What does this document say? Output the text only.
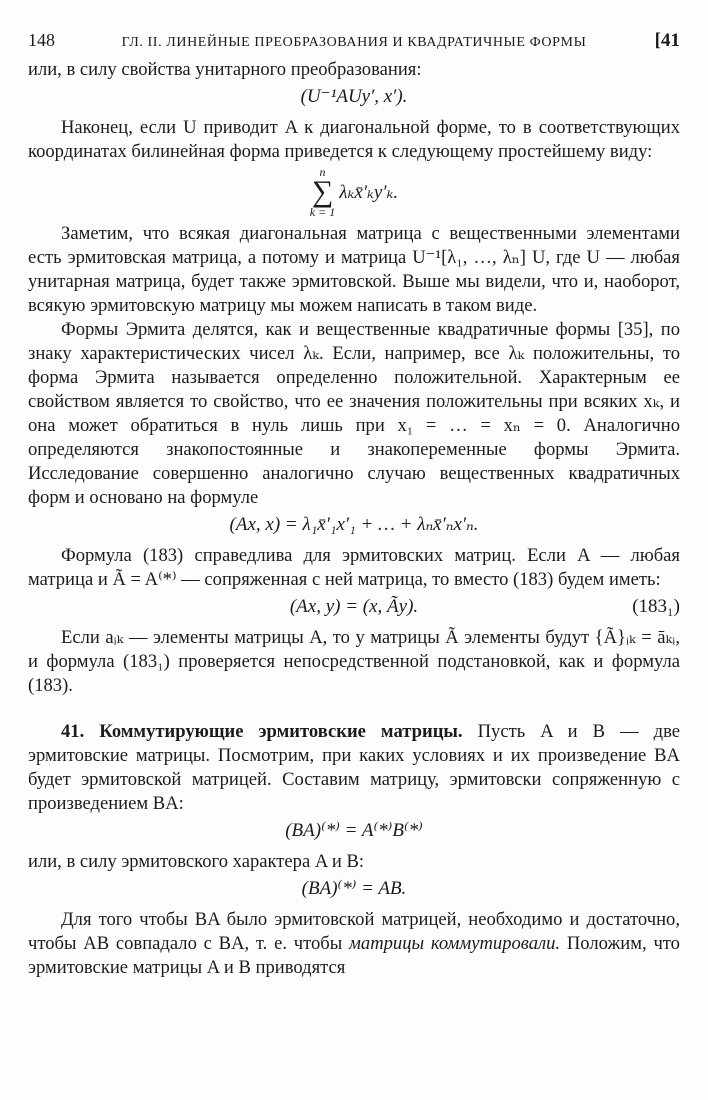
148	ГЛ. II. ЛИНЕЙНЫЕ ПРЕОБРАЗОВАНИЯ И КВАДРАТИЧНЫЕ ФОРМЫ	[41

или, в силу свойства унитарного преобразования:

(U⁻¹AUy′, x′).

Наконец, если U приводит A к диагональной форме, то в соответствующих координатах билинейная форма приведется к следующему простейшему виду:

n
∑
k = 1
λₖx̄′ₖy′ₖ.

Заметим, что всякая диагональная матрица с вещественными элементами есть эрмитовская матрица, а потому и матрица U⁻¹[λ₁, …, λₙ] U, где U — любая унитарная матрица, будет также эрмитовской. Выше мы видели, что и, наоборот, всякую эрмитовскую матрицу мы можем написать в таком виде.

Формы Эрмита делятся, как и вещественные квадратичные формы [35], по знаку характеристических чисел λₖ. Если, например, все λₖ положительны, то форма Эрмита называется определенно положительной. Характерным ее свойством является то свойство, что ее значения положительны при всяких xₖ, и она может обратиться в нуль лишь при x₁ = … = xₙ = 0. Аналогично определяются знакопостоянные и знакопеременные формы Эрмита. Исследование совершенно аналогично случаю вещественных квадратичных форм и основано на формуле

(Ax, x) = λ₁x̄′₁x′₁ + … + λₙx̄′ₙx′ₙ.

Формула (183) справедлива для эрмитовских матриц. Если A — любая матрица и Ã = A⁽*⁾ — сопряженная с ней матрица, то вместо (183) будем иметь:

(Ax, y) = (x, Ãy).	(183₁)

Если aᵢₖ — элементы матрицы A, то у матрицы Ã элементы будут {Ã}ᵢₖ = āₖᵢ, и формула (183₁) проверяется непосредственной подстановкой, как и формула (183).

41. Коммутирующие эрмитовские матрицы. Пусть A и B — две эрмитовские матрицы. Посмотрим, при каких условиях и их произведение BA будет эрмитовской матрицей. Составим матрицу, эрмитовски сопряженную с произведением BA:

(BA)⁽*⁾ = A⁽*⁾B⁽*⁾

или, в силу эрмитовского характера A и B:

(BA)⁽*⁾ = AB.

Для того чтобы BA было эрмитовской матрицей, необходимо и достаточно, чтобы AB совпадало с BA, т. е. чтобы матрицы коммутировали. Положим, что эрмитовские матрицы A и B приводятся
